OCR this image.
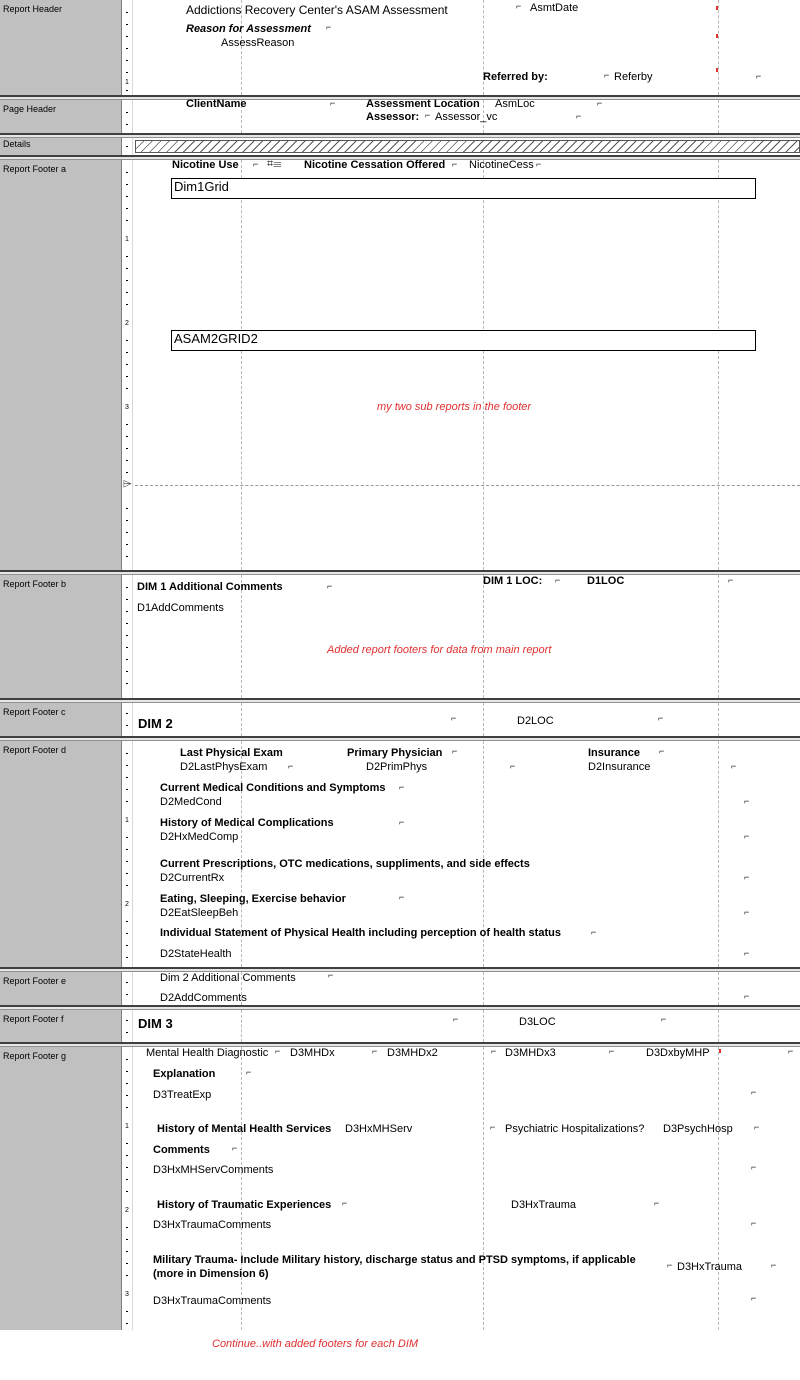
Report Header
1
Addictions Recovery Center's ASAM Assessment	⌐ AsmtDate
Reason for Assessment ⌐
AssessReason
Referred by:	⌐ Referby	⌐
Page Header	ClientName	⌐	Assessment Location AsmLoc	⌐
Assessor: ⌐ Assessor_vc	⌐
Details
Report Footer a
1
2
3
⌲
Nicotine Use ⌐ ⌗☰ Nicotine Cessation Offered ⌐ NicotineCess ⌐
Dim1Grid
ASAM2GRID2
my two sub reports in the footer
Report Footer b	DIM 1 Additional Comments	⌐	DIM 1 LOC: ⌐ D1LOC	⌐
D1AddComments
Added report footers for data from main report
Report Footer c
DIM 2	⌐	D2LOC	⌐
Report Footer d
1
2
Last Physical Exam	Primary Physician ⌐	Insurance ⌐
D2LastPhysExam ⌐	D2PrimPhys	⌐	D2Insurance	⌐
Current Medical Conditions and Symptoms ⌐
D2MedCond	⌐
History of Medical Complications	⌐
D2HxMedComp	⌐
Current Prescriptions, OTC medications, suppliments, and side effects
D2CurrentRx	⌐
Eating, Sleeping, Exercise behavior	⌐
D2EatSleepBeh	⌐
Individual Statement of Physical Health including perception of health status	⌐
D2StateHealth	⌐
Report Footer e	Dim 2 Additional Comments	⌐
D2AddComments	⌐
Report Footer f	DIM 3	⌐	D3LOC	⌐
Report Footer g
1
2
3
Mental Health Diagnostic ⌐ D3MHDx	⌐ D3MHDx2	⌐ D3MHDx3	⌐	D3DxbyMHP	⌐
Explanation	⌐
D3TreatExp	⌐
History of Mental Health Services D3HxMHServ	⌐ Psychiatric Hospitalizations? D3PsychHosp ⌐
Comments ⌐
D3HxMHServComments	⌐
History of Traumatic Experiences ⌐	D3HxTrauma	⌐
D3HxTraumaComments	⌐
Military Trauma- Include Military history, discharge status and PTSD symptoms, if applicable
(more in Dimension 6)
⌐ D3HxTrauma	⌐
D3HxTraumaComments	⌐
Continue..with added footers for each DIM
